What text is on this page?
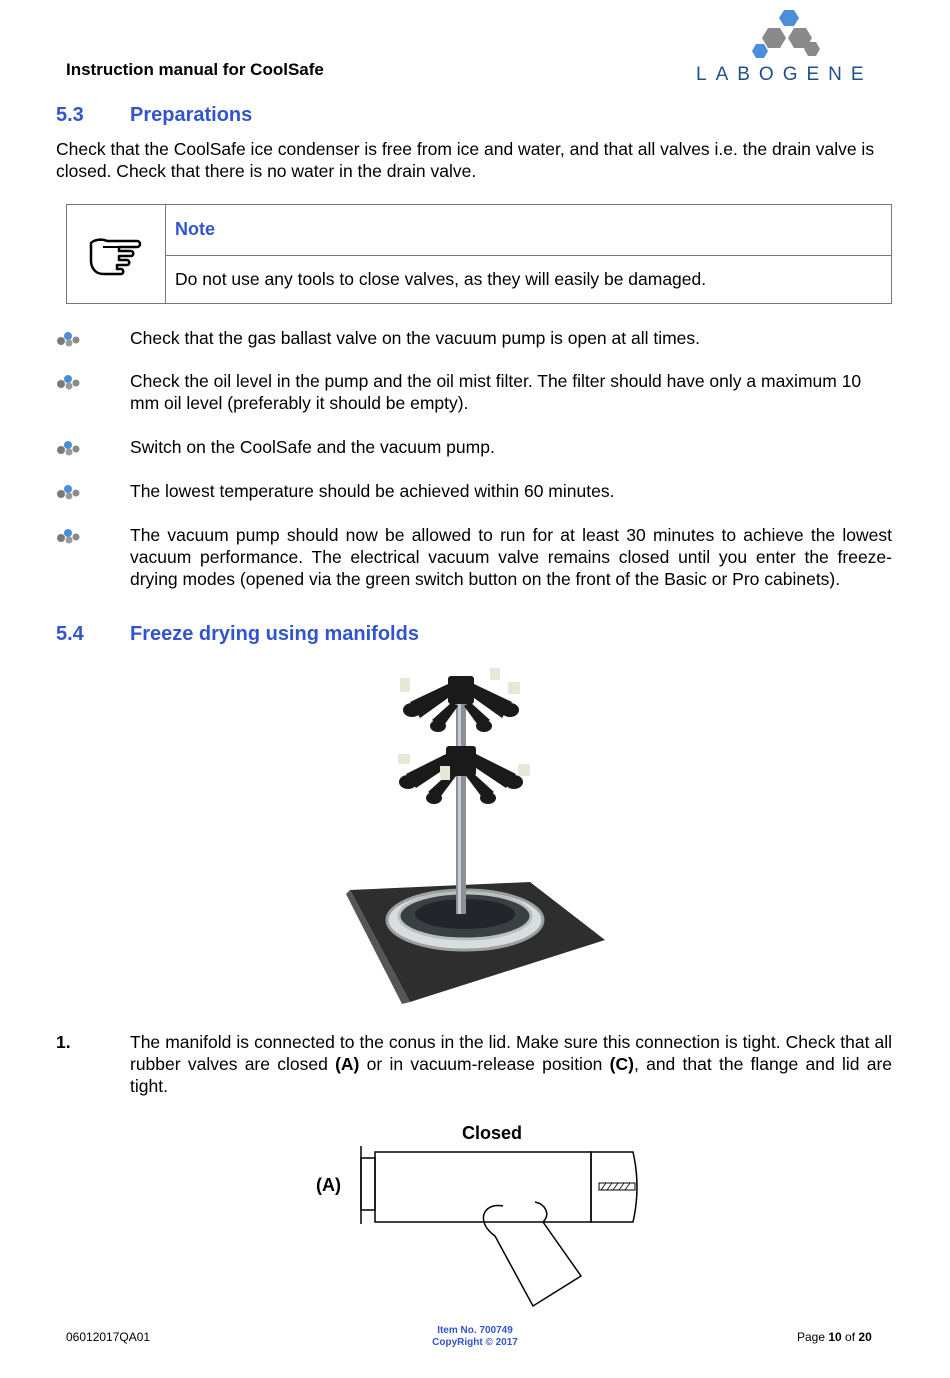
Instruction manual for CoolSafe	LABOGENE
5.3 Preparations
Check that the CoolSafe ice condenser is free from ice and water, and that all valves i.e. the drain valve is closed. Check that there is no water in the drain valve.
Note
Do not use any tools to close valves, as they will easily be damaged.
Check that the gas ballast valve on the vacuum pump is open at all times.
Check the oil level in the pump and the oil mist filter. The filter should have only a maximum 10 mm oil level (preferably it should be empty).
Switch on the CoolSafe and the vacuum pump.
The lowest temperature should be achieved within 60 minutes.
The vacuum pump should now be allowed to run for at least 30 minutes to achieve the lowest vacuum performance. The electrical vacuum valve remains closed until you enter the freeze-drying modes (opened via the green switch button on the front of the Basic or Pro cabinets).
5.4 Freeze drying using manifolds
1.	The manifold is connected to the conus in the lid. Make sure this connection is tight. Check that all rubber valves are closed (A) or in vacuum-release position (C), and that the flange and lid are tight.
Closed
(A)
06012017QA01	Item No. 700749
CopyRight © 2017	Page 10 of 20
